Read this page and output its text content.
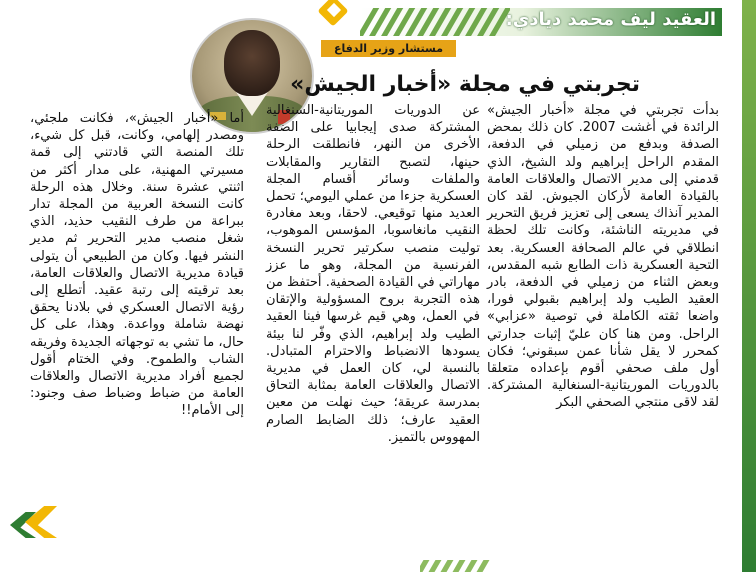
العقيد ليف محمد ديادي:
مستشار وزير الدفاع
تجربتي في مجلة «أخبار الجيش»

بدأت تجربتي في مجلة «أخبار الجيش» الرائدة في أغشت 2007. كان ذلك بمحض الصدفة وبدفع من زميلي في الدفعة، المقدم الراحل إبراهيم ولد الشيخ، الذي قدمني إلى مدير الاتصال والعلاقات العامة بالقيادة العامة لأركان الجيوش. لقد كان المدير آنذاك يسعى إلى تعزيز فريق التحرير في مديريته الناشئة، وكانت تلك لحظة انطلاقي في عالم الصحافة العسكرية. بعد التحية العسكرية ذات الطابع شبه المقدس، وبعض الثناء من زميلي في الدفعة، بادر العقيد الطيب ولد إبراهيم بقبولي فورا، واضعا ثقته الكاملة في توصية «عزابي» الراحل. ومن هنا كان عليّ إثبات جدارتي كمحرر لا يقل شأنا عمن سبقوني؛ فكان أول ملف صحفي أقوم بإعداده متعلقا بالدوريات الموريتانية-السنغالية المشتركة. لقد لاقى منتجي الصحفي البكر

عن الدوريات الموريتانية-السنغالية المشتركة صدى إيجابيا على الضفة الأخرى من النهر، فانطلقت الرحلة حينها، لتصبح التقارير والمقابلات والملفات وسائر أقسام المجلة العسكرية جزءا من عملي اليومي؛ تحمل العديد منها توقيعي. لاحقا، وبعد مغادرة النقيب مانغاسوبا، المؤسس الموهوب، توليت منصب سكرتير تحرير النسخة الفرنسية من المجلة، وهو ما عزز مهاراتي في القيادة الصحفية. أحتفظ من هذه التجربة بروح المسؤولية والإتقان في العمل، وهي قيم غرسها فينا العقيد الطيب ولد إبراهيم، الذي وفّر لنا بيئة يسودها الانضباط والاحترام المتبادل. بالنسبة لي، كان العمل في مديرية الاتصال والعلاقات العامة بمثابة التحاق بمدرسة عريقة؛ حيث نهلت من معين العقيد عارف؛ ذلك الضابط الصارم المهووس بالتميز.

أما «أخبار الجيش»، فكانت ملجئي، ومصدر إلهامي، وكانت، قبل كل شيء، تلك المنصة التي قادتني إلى قمة مسيرتي المهنية، على مدار أكثر من اثنتي عشرة سنة. وخلال هذه الرحلة كانت النسخة العربية من المجلة تدار ببراعة من طرف النقيب حذيد، الذي شغل منصب مدير التحرير ثم مدير النشر فيها. وكان من الطبيعي أن يتولى قيادة مديرية الاتصال والعلاقات العامة، بعد ترقيته إلى رتبة عقيد. أتطلع إلى رؤية الاتصال العسكري في بلادنا يحقق نهضة شاملة وواعدة. وهذا، على كل حال، ما تشي به توجهاته الجديدة وفريقه الشاب والطموح. وفي الختام أقول لجميع أفراد مديرية الاتصال والعلاقات العامة من ضباط وضباط صف وجنود: إلى الأمام!!
